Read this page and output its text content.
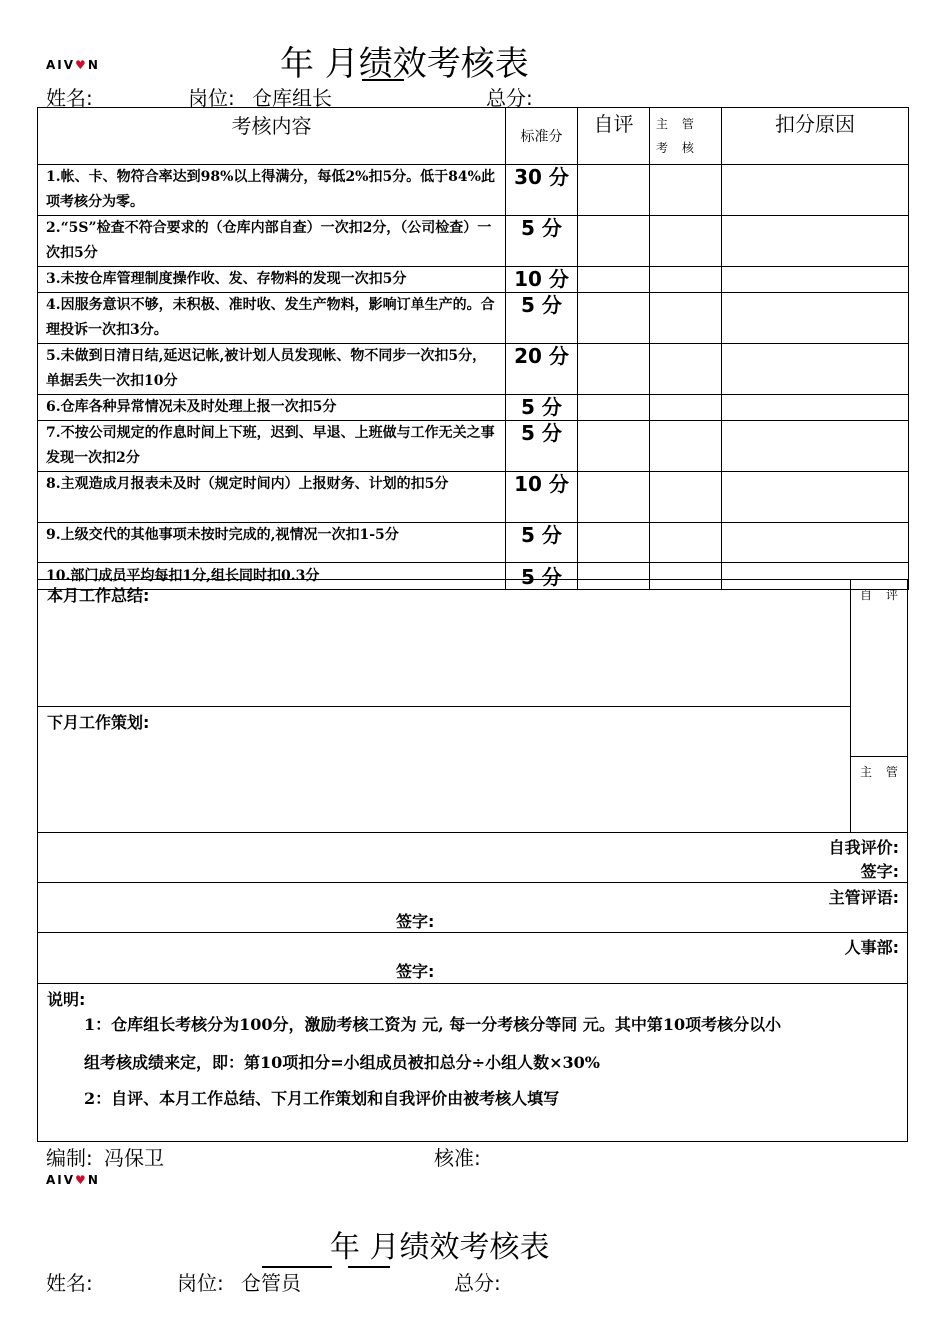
AIV♥N	年 月绩效考核表
姓名:	岗位: 仓库组长	总分:
考核内容	标准分	自评	主 管 考 核	扣分原因
1.帐、卡、物符合率达到98%以上得满分，每低2%扣5分。低于84%此项考核分为零。	30 分			
2.“5S”检查不符合要求的（仓库内部自查）一次扣2分，（公司检查）一次扣5分	5 分			
3.未按仓库管理制度操作收、发、存物料的发现一次扣5分	10 分			
4.因服务意识不够，未积极、准时收、发生产物料，影响订单生产的。合理投诉一次扣3分。	5 分			
5.未做到日清日结,延迟记帐,被计划人员发现帐、物不同步一次扣5分，单据丢失一次扣10分	20 分			
6.仓库各种异常情况未及时处理上报一次扣5分	5 分			
7.不按公司规定的作息时间上下班，迟到、早退、上班做与工作无关之事发现一次扣2分	5 分			
8.主观造成月报表未及时（规定时间内）上报财务、计划的扣5分	10 分			
9.上级交代的其他事项未按时完成的,视情况一次扣1-5分	5 分			
10.部门成员平均每扣1分,组长同时扣0.3分	5 分			
本月工作总结:
下月工作策划:
自 评
主 管
自我评价:
签字:
主管评语:
签字:
人事部:
签字:
说明:
1：仓库组长考核分为100分，激励考核工资为 元, 每一分考核分等同 元。其中第10项考核分以小
组考核成绩来定，即：第10项扣分=小组成员被扣总分÷小组人数×30%
2：自评、本月工作总结、下月工作策划和自我评价由被考核人填写
编制: 冯保卫	核准:
AIV♥N
年 月绩效考核表
姓名:	岗位: 仓管员	总分:
